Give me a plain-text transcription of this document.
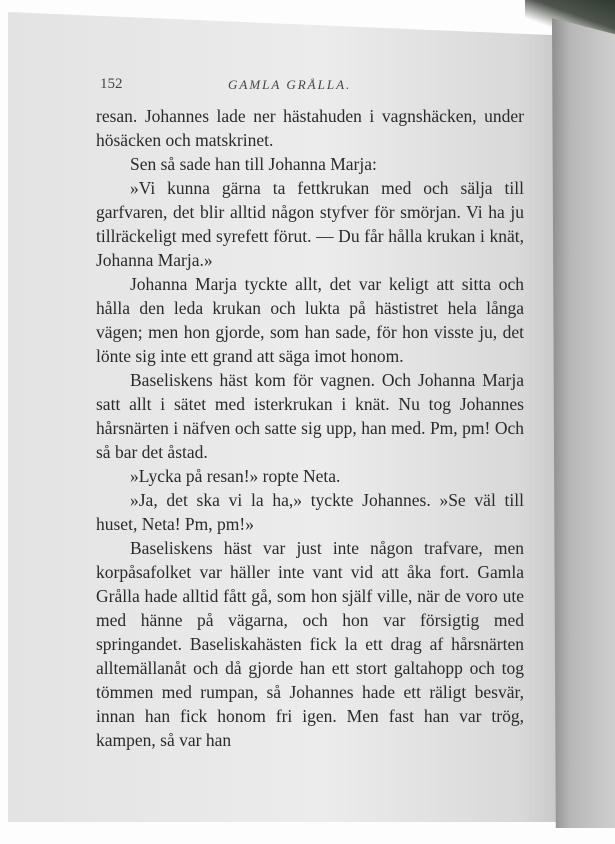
152	GAMLA GRÅLLA.

resan. Johannes lade ner hästahuden i vagnshäcken, under hösäcken och matskrinet.

Sen så sade han till Johanna Marja:

»Vi kunna gärna ta fettkrukan med och sälja till garfvaren, det blir alltid någon styfver för smörjan. Vi ha ju tillräckeligt med syrefett förut. — Du får hålla krukan i knät, Johanna Marja.»

Johanna Marja tyckte allt, det var keligt att sitta och hålla den leda krukan och lukta på hästistret hela långa vägen; men hon gjorde, som han sade, för hon visste ju, det lönte sig inte ett grand att säga imot honom.

Baseliskens häst kom för vagnen. Och Johanna Marja satt allt i sätet med isterkrukan i knät. Nu tog Johannes hårsnärten i näfven och satte sig upp, han med. Pm, pm! Och så bar det åstad.

»Lycka på resan!» ropte Neta.

»Ja, det ska vi la ha,» tyckte Johannes. »Se väl till huset, Neta! Pm, pm!»

Baseliskens häst var just inte någon trafvare, men korpåsafolket var häller inte vant vid att åka fort. Gamla Grålla hade alltid fått gå, som hon själf ville, när de voro ute med hänne på vägarna, och hon var försigtig med springandet. Baseliskahästen fick la ett drag af hårsnärten alltemällanåt och då gjorde han ett stort galtahopp och tog tömmen med rumpan, så Johannes hade ett räligt besvär, innan han fick honom fri igen. Men fast han var trög, kampen, så var han
